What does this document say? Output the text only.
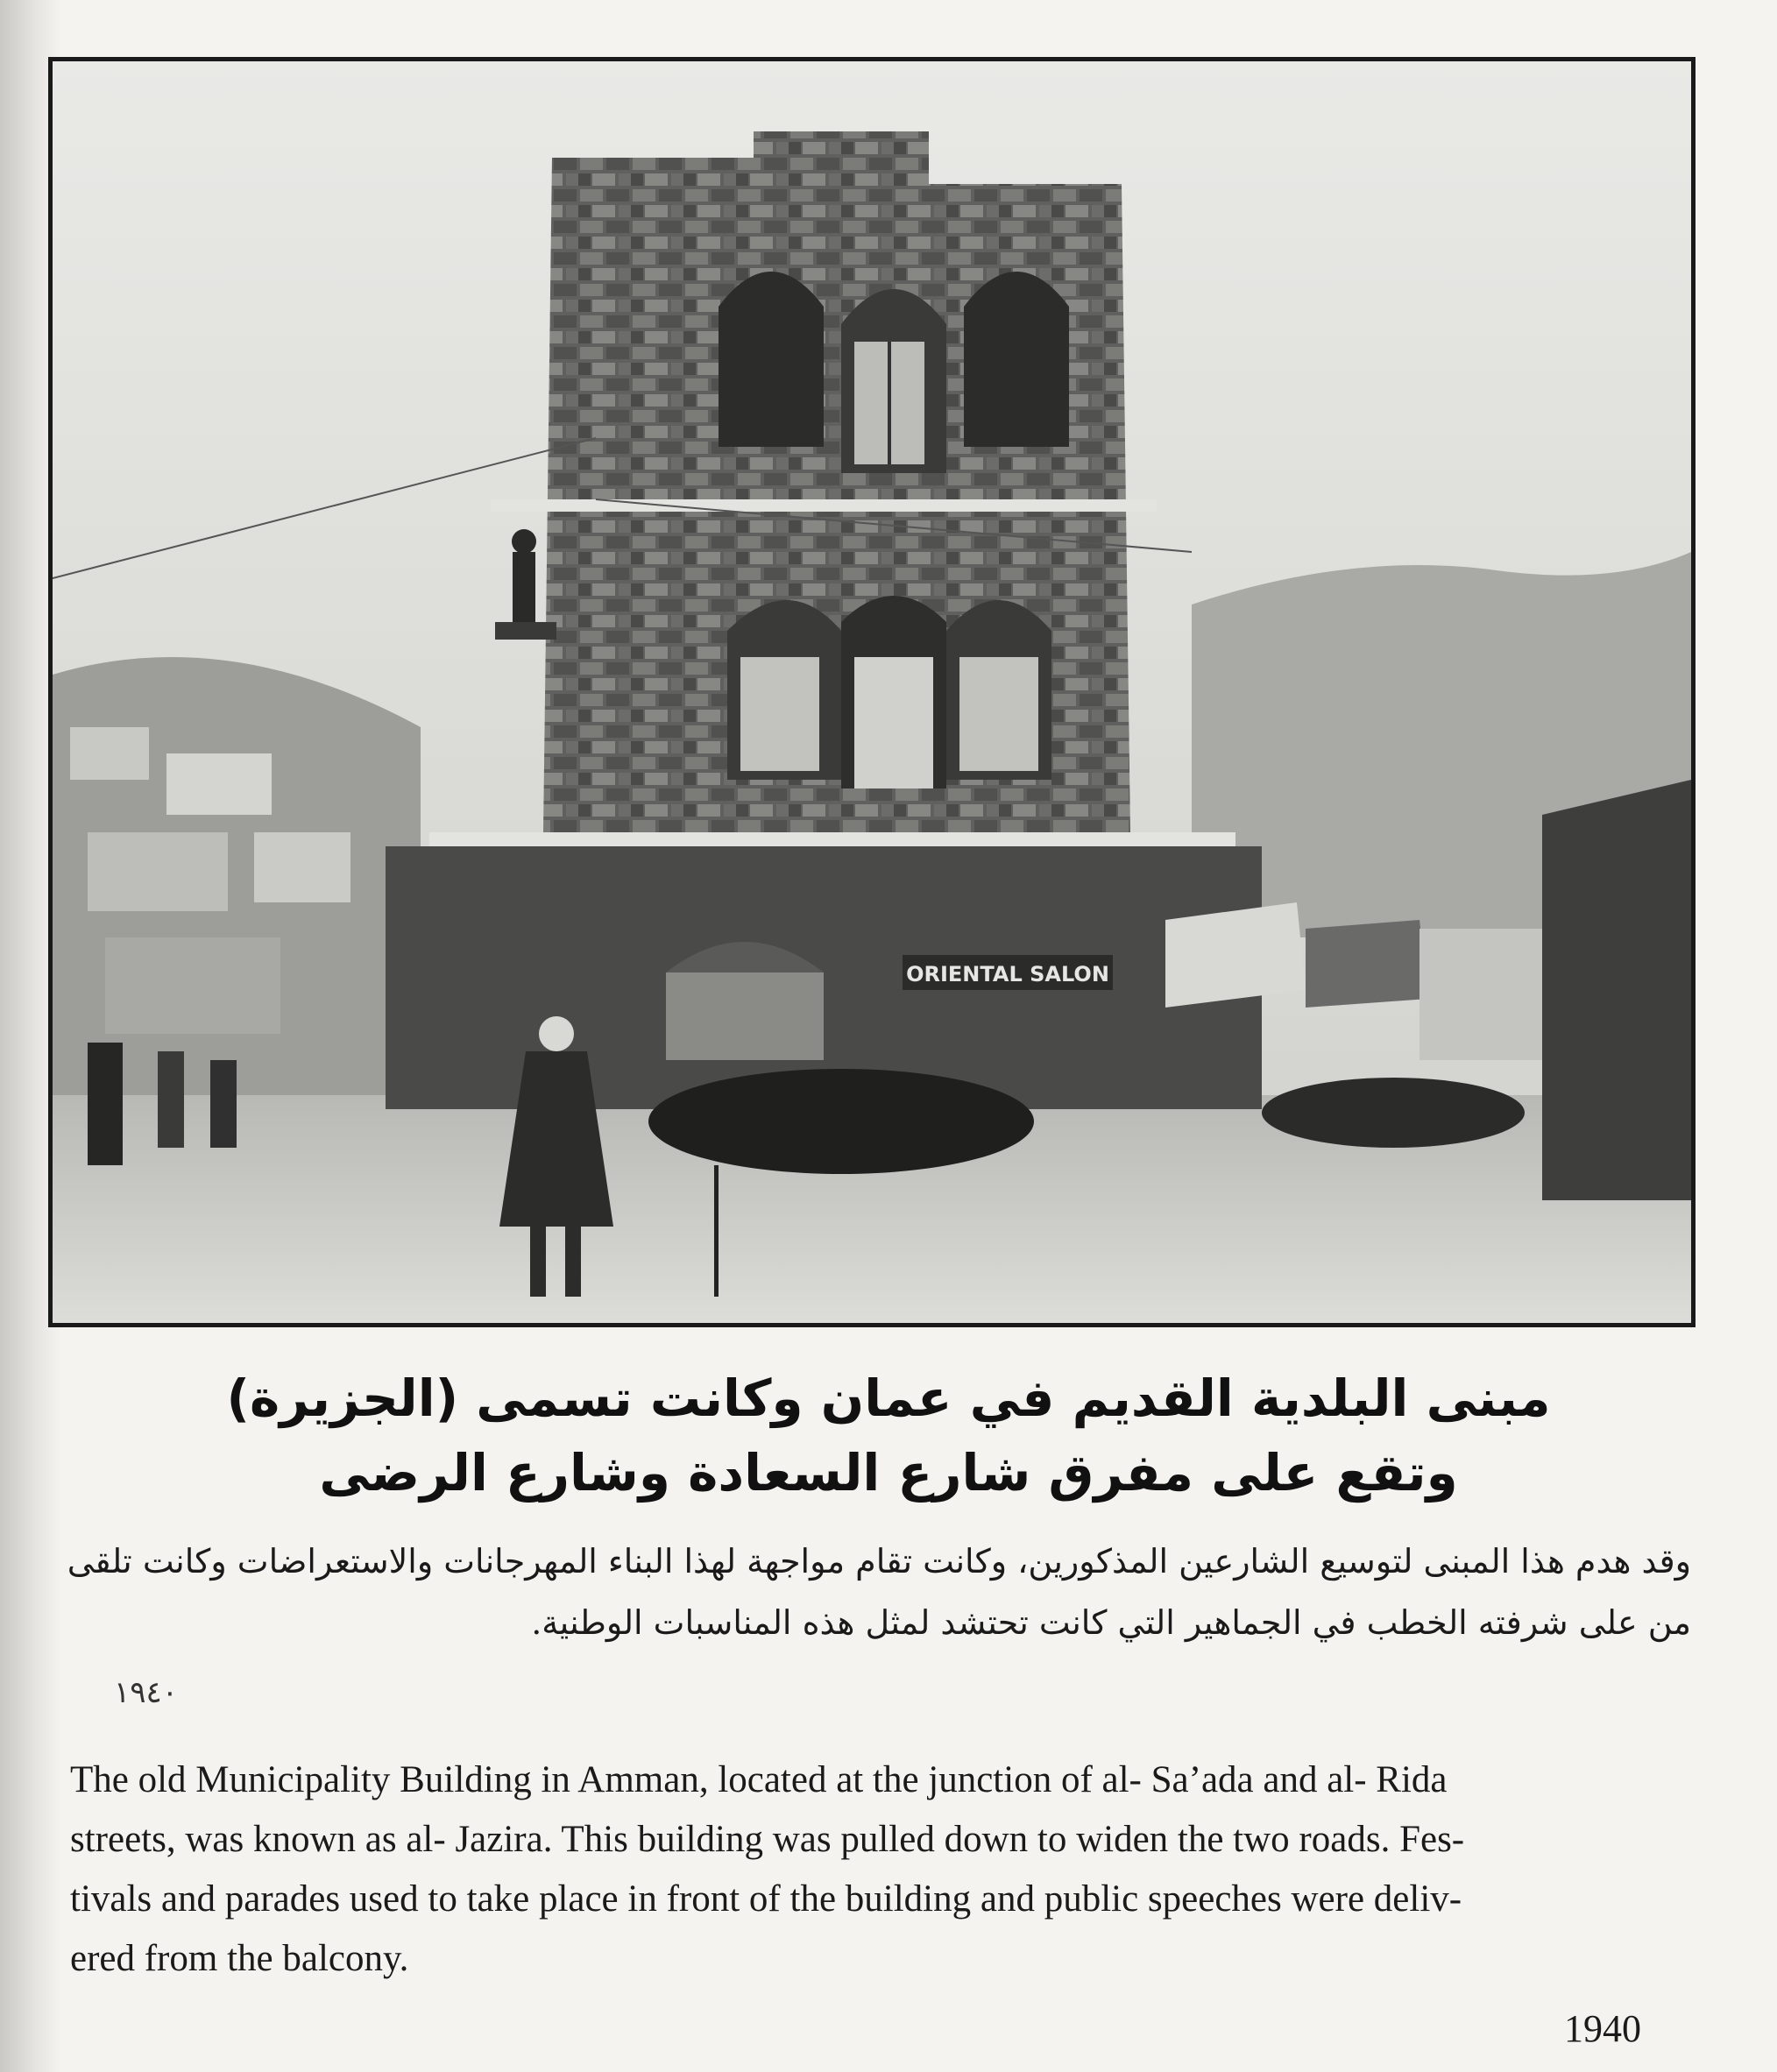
ORIENTAL SALON
مبنى البلدية القديم في عمان وكانت تسمى (الجزيرة)
وتقع على مفرق شارع السعادة وشارع الرضى
وقد هدم هذا المبنى لتوسيع الشارعين المذكورين، وكانت تقام مواجهة لهذا البناء المهرجانات والاستعراضات وكانت تلقى
من على شرفته الخطب في الجماهير التي كانت تحتشد لمثل هذه المناسبات الوطنية.
١٩٤٠
The old Municipality Building in Amman, located at the junction of al- Sa’ada and al- Rida
streets, was known as al- Jazira. This building was pulled down to widen the two roads. Fes-
tivals and parades used to take place in front of the building and public speeches were deliv-
ered from the balcony.
1940
